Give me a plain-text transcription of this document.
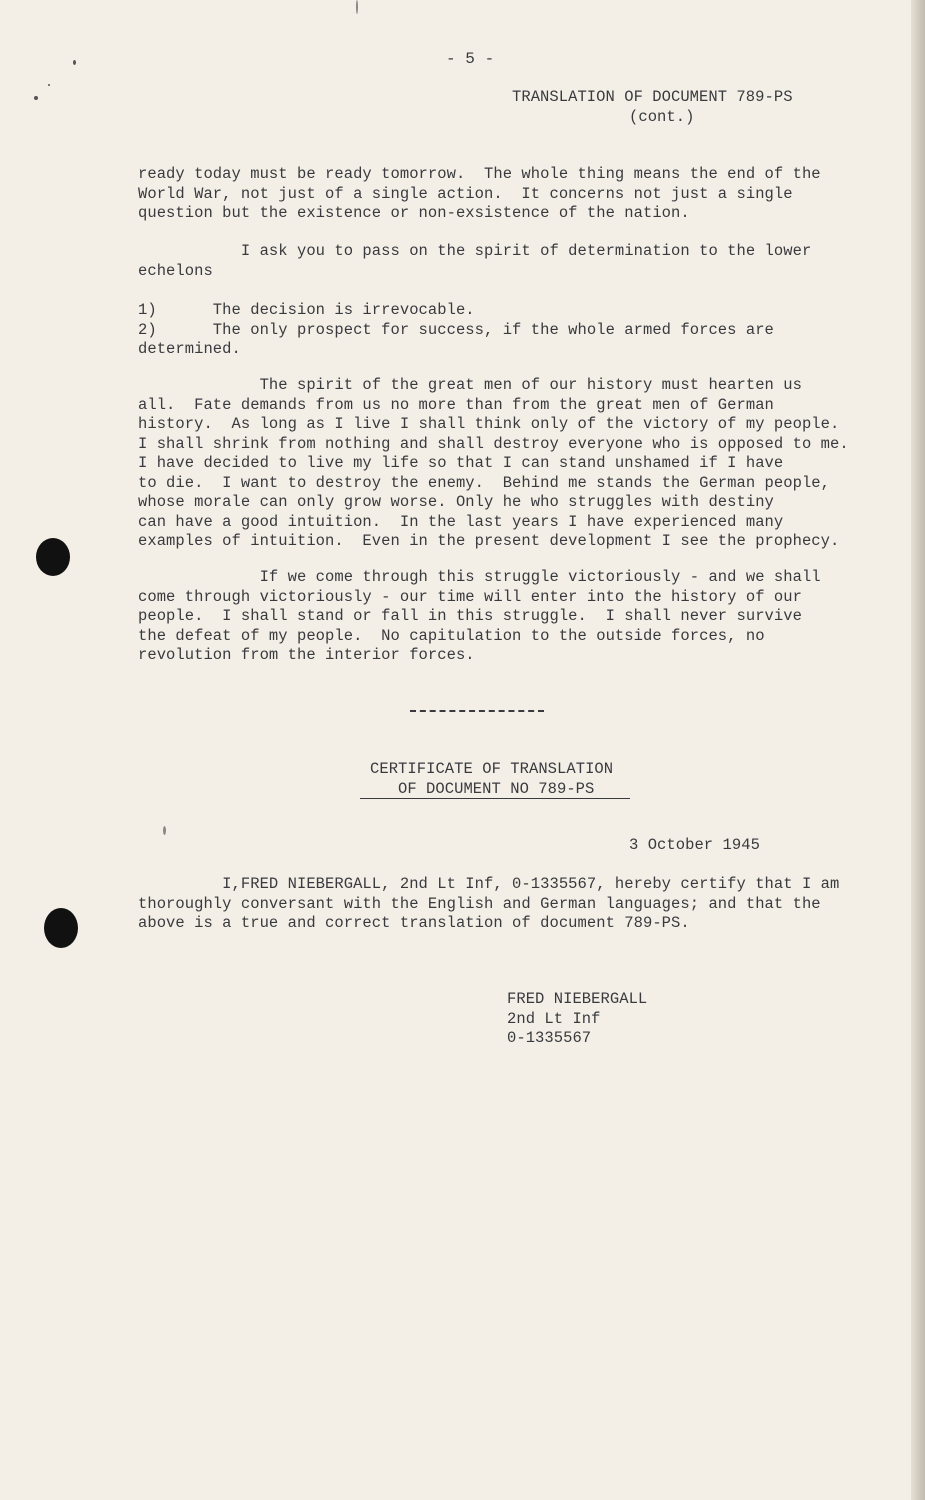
- 5 -
TRANSLATION OF DOCUMENT 789-PS
(cont.)
ready today must be ready tomorrow.  The whole thing means the end of the
World War, not just of a single action.  It concerns not just a single
question but the existence or non-exsistence of the nation.
I ask you to pass on the spirit of determination to the lower
echelons
1)      The decision is irrevocable.
2)      The only prospect for success, if the whole armed forces are
determined.
The spirit of the great men of our history must hearten us
all.  Fate demands from us no more than from the great men of German
history.  As long as I live I shall think only of the victory of my people.
I shall shrink from nothing and shall destroy everyone who is opposed to me.
I have decided to live my life so that I can stand unshamed if I have
to die.  I want to destroy the enemy.  Behind me stands the German people,
whose morale can only grow worse. Only he who struggles with destiny
can have a good intuition.  In the last years I have experienced many
examples of intuition.  Even in the present development I see the prophecy.
If we come through this struggle victoriously - and we shall
come through victoriously - our time will enter into the history of our
people.  I shall stand or fall in this struggle.  I shall never survive
the defeat of my people.  No capitulation to the outside forces, no
revolution from the interior forces.
CERTIFICATE OF TRANSLATION
OF DOCUMENT NO 789-PS
3 October 1945
I,FRED NIEBERGALL, 2nd Lt Inf, 0-1335567, hereby certify that I am
thoroughly conversant with the English and German languages; and that the
above is a true and correct translation of document 789-PS.
FRED NIEBERGALL
2nd Lt Inf
0-1335567
